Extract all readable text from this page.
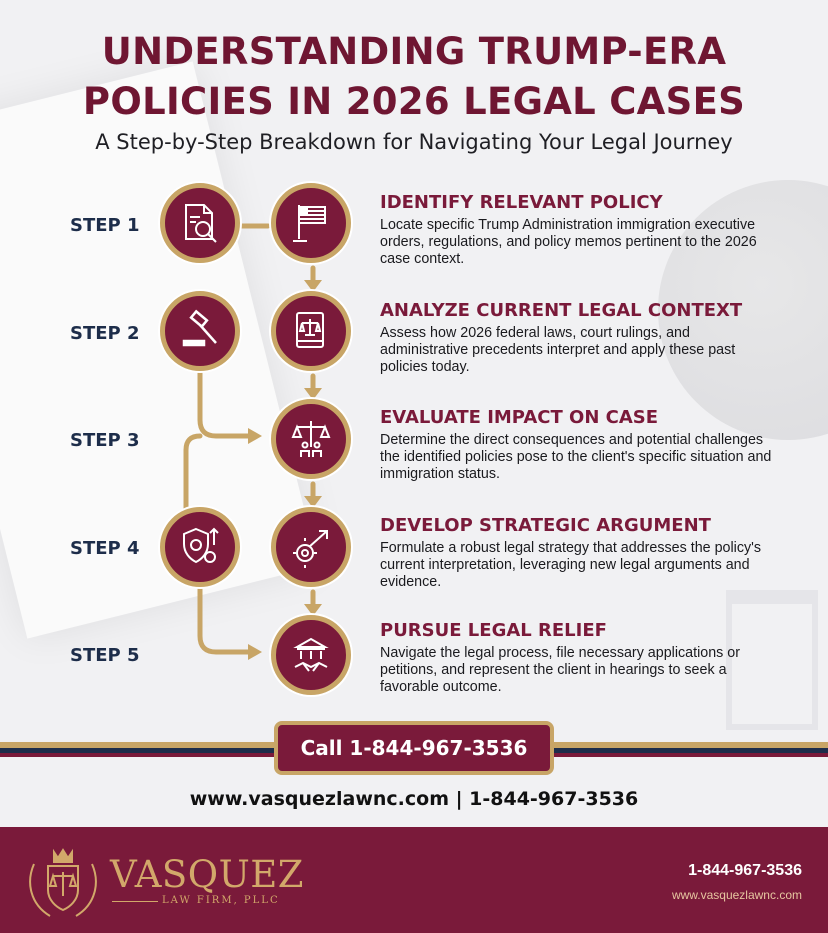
UNDERSTANDING TRUMP-ERA
POLICIES IN 2026 LEGAL CASES
A Step-by-Step Breakdown for Navigating Your Legal Journey
STEP 1
IDENTIFY RELEVANT POLICY
Locate specific Trump Administration immigration executive orders, regulations, and policy memos pertinent to the 2026 case context.
STEP 2
ANALYZE CURRENT LEGAL CONTEXT
Assess how 2026 federal laws, court rulings, and administrative precedents interpret and apply these past policies today.
STEP 3
EVALUATE IMPACT ON CASE
Determine the direct consequences and potential challenges the identified policies pose to the client's specific situation and immigration status.
STEP 4
DEVELOP STRATEGIC ARGUMENT
Formulate a robust legal strategy that addresses the policy's current interpretation, leveraging new legal arguments and evidence.
STEP 5
PURSUE LEGAL RELIEF
Navigate the legal process, file necessary applications or petitions, and represent the client in hearings to seek a favorable outcome.
Call 1-844-967-3536
www.vasquezlawnc.com | 1-844-967-3536
VASQUEZ
LAW FIRM, PLLC
1-844-967-3536
www.vasquezlawnc.com
